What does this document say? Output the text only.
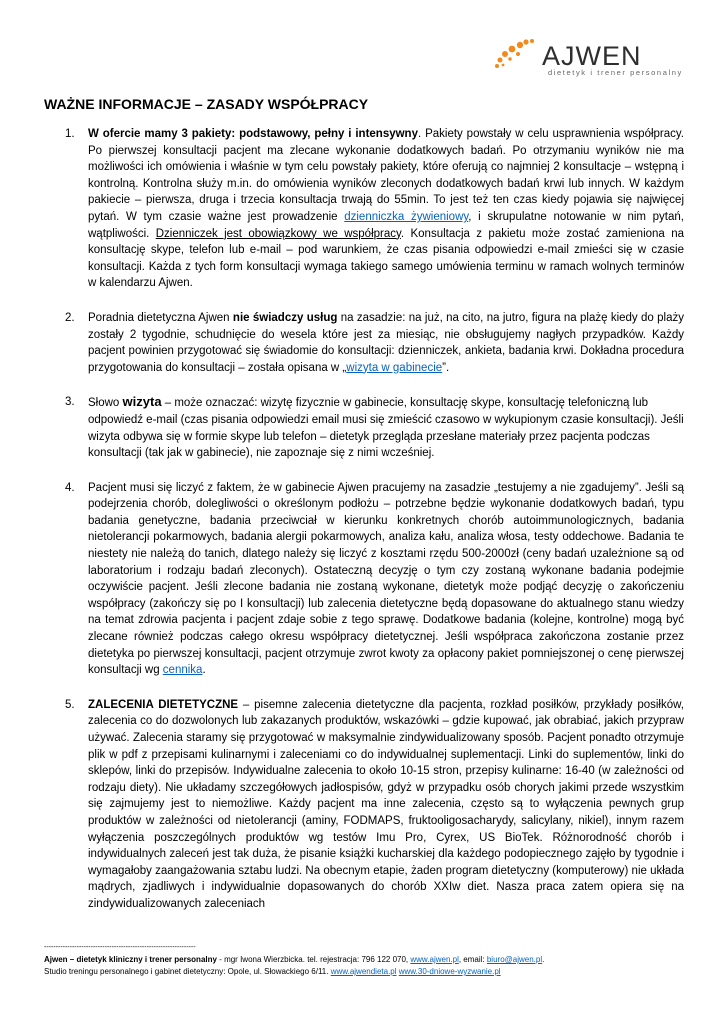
AJWEN
dietetyk i trener personalny
WAŻNE INFORMACJE – ZASADY WSPÓŁPRACY
1.	W ofercie mamy 3 pakiety: podstawowy, pełny i intensywny. Pakiety powstały w celu usprawnienia współpracy. Po pierwszej konsultacji pacjent ma zlecane wykonanie dodatkowych badań. Po otrzymaniu wyników nie ma możliwości ich omówienia i właśnie w tym celu powstały pakiety, które oferują co najmniej 2 konsultacje – wstępną i kontrolną. Kontrolna służy m.in. do omówienia wyników zleconych dodatkowych badań krwi lub innych. W każdym pakiecie – pierwsza, druga i trzecia konsultacja trwają do 55min. To jest też ten czas kiedy pojawia się najwięcej pytań. W tym czasie ważne jest prowadzenie dzienniczka żywieniowy, i skrupulatne notowanie w nim pytań, wątpliwości. Dzienniczek jest obowiązkowy we współpracy. Konsultacja z pakietu może zostać zamieniona na konsultację skype, telefon lub e-mail – pod warunkiem, że czas pisania odpowiedzi e-mail zmieści się w czasie konsultacji. Każda z tych form konsultacji wymaga takiego samego umówienia terminu w ramach wolnych terminów w kalendarzu Ajwen.
2.	Poradnia dietetyczna Ajwen nie świadczy usług na zasadzie: na już, na cito, na jutro, figura na plażę kiedy do plaży zostały 2 tygodnie, schudnięcie do wesela które jest za miesiąc, nie obsługujemy nagłych przypadków. Każdy pacjent powinien przygotować się świadomie do konsultacji: dzienniczek, ankieta, badania krwi. Dokładna procedura przygotowania do konsultacji – została opisana w „wizyta w gabinecie”.
3.	Słowo wizyta – może oznaczać: wizytę fizycznie w gabinecie, konsultację skype, konsultację telefoniczną lub odpowiedź e-mail (czas pisania odpowiedzi email musi się zmieścić czasowo w wykupionym czasie konsultacji). Jeśli wizyta odbywa się w formie skype lub telefon – dietetyk przegląda przesłane materiały przez pacjenta podczas konsultacji (tak jak w gabinecie), nie zapoznaje się z nimi wcześniej.
4.	Pacjent musi się liczyć z faktem, że w gabinecie Ajwen pracujemy na zasadzie „testujemy a nie zgadujemy”. Jeśli są podejrzenia chorób, dolegliwości o określonym podłożu – potrzebne będzie wykonanie dodatkowych badań, typu badania genetyczne, badania przeciwciał w kierunku konkretnych chorób autoimmunologicznych, badania nietolerancji pokarmowych, badania alergii pokarmowych, analiza kału, analiza włosa, testy oddechowe. Badania te niestety nie należą do tanich, dlatego należy się liczyć z kosztami rzędu 500-2000zł (ceny badań uzależnione są od laboratorium i rodzaju badań zleconych). Ostateczną decyzję o tym czy zostaną wykonane badania podejmie oczywiście pacjent. Jeśli zlecone badania nie zostaną wykonane, dietetyk może podjąć decyzję o zakończeniu współpracy (zakończy się po I konsultacji) lub zalecenia dietetyczne będą dopasowane do aktualnego stanu wiedzy na temat zdrowia pacjenta i pacjent zdaje sobie z tego sprawę. Dodatkowe badania (kolejne, kontrolne) mogą być zlecane również podczas całego okresu współpracy dietetycznej. Jeśli współpraca zakończona zostanie przez dietetyka po pierwszej konsultacji, pacjent otrzymuje zwrot kwoty za opłacony pakiet pomniejszonej o cenę pierwszej konsultacji wg cennika.
5.	ZALECENIA DIETETYCZNE – pisemne zalecenia dietetyczne dla pacjenta, rozkład posiłków, przykłady posiłków, zalecenia co do dozwolonych lub zakazanych produktów, wskazówki – gdzie kupować, jak obrabiać, jakich przypraw używać. Zalecenia staramy się przygotować w maksymalnie zindywidualizowany sposób. Pacjent ponadto otrzymuje plik w pdf z przepisami kulinarnymi i zaleceniami co do indywidualnej suplementacji. Linki do suplementów, linki do sklepów, linki do przepisów. Indywidualne zalecenia to około 10-15 stron, przepisy kulinarne: 16-40 (w zależności od rodzaju diety). Nie układamy szczegółowych jadłospisów, gdyż w przypadku osób chorych jakimi przede wszystkim się zajmujemy jest to niemożliwe. Każdy pacjent ma inne zalecenia, często są to wyłączenia pewnych grup produktów w zależności od nietolerancji (aminy, FODMAPS, fruktooligosacharydy, salicylany, nikiel), innym razem wyłączenia poszczególnych produktów wg testów Imu Pro, Cyrex, US BioTek. Różnorodność chorób i indywidualnych zaleceń jest tak duża, że pisanie książki kucharskiej dla każdego podopiecznego zajęło by tygodnie i wymagałoby zaangażowania sztabu ludzi. Na obecnym etapie, żaden program dietetyczny (komputerowy) nie układa mądrych, zjadliwych i indywidualnie dopasowanych do chorób XXIw diet. Nasza praca zatem opiera się na zindywidualizowanych zaleceniach
-----------------------------------------------------------------
Ajwen – dietetyk kliniczny i trener personalny - mgr Iwona Wierzbicka. tel. rejestracja: 796 122 070, www.ajwen.pl, email: biuro@ajwen.pl.
Studio treningu personalnego i gabinet dietetyczny: Opole, ul. Słowackiego 6/11. www.ajwendieta.pl www.30-dniowe-wyzwanie.pl
